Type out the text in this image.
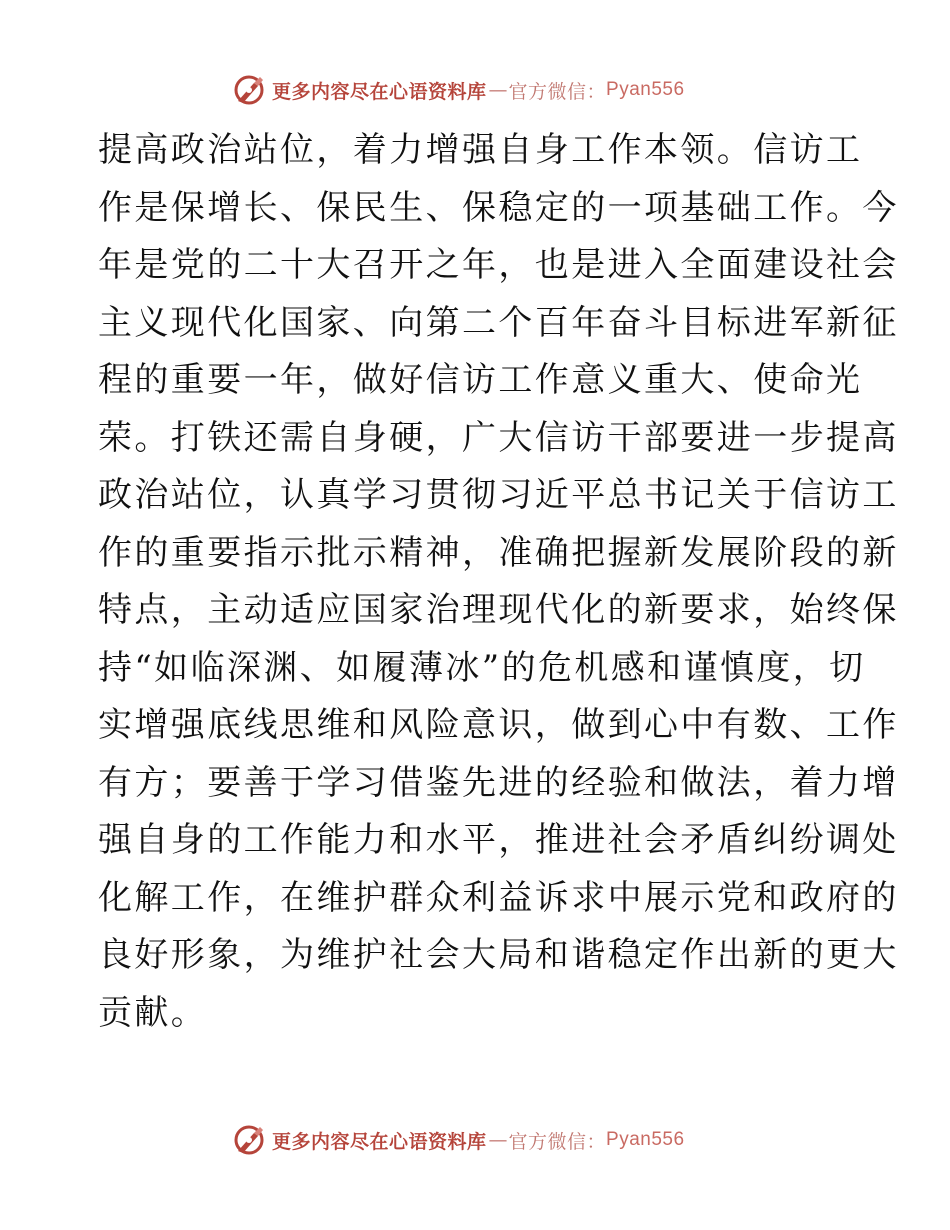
更多内容尽在心语资料库 — 官方微信： Pyan556
提高政治站位，着力增强自身工作本领。信访工
作是保增长、保民生、保稳定的一项基础工作。今
年是党的二十大召开之年，也是进入全面建设社会
主义现代化国家、向第二个百年奋斗目标进军新征
程的重要一年，做好信访工作意义重大、使命光
荣。打铁还需自身硬，广大信访干部要进一步提高
政治站位，认真学习贯彻习近平总书记关于信访工
作的重要指示批示精神，准确把握新发展阶段的新
特点，主动适应国家治理现代化的新要求，始终保
持“如临深渊、如履薄冰”的危机感和谨慎度，切
实增强底线思维和风险意识，做到心中有数、工作
有方；要善于学习借鉴先进的经验和做法，着力增
强自身的工作能力和水平，推进社会矛盾纠纷调处
化解工作，在维护群众利益诉求中展示党和政府的
良好形象，为维护社会大局和谐稳定作出新的更大
贡献。
更多内容尽在心语资料库 — 官方微信： Pyan556
